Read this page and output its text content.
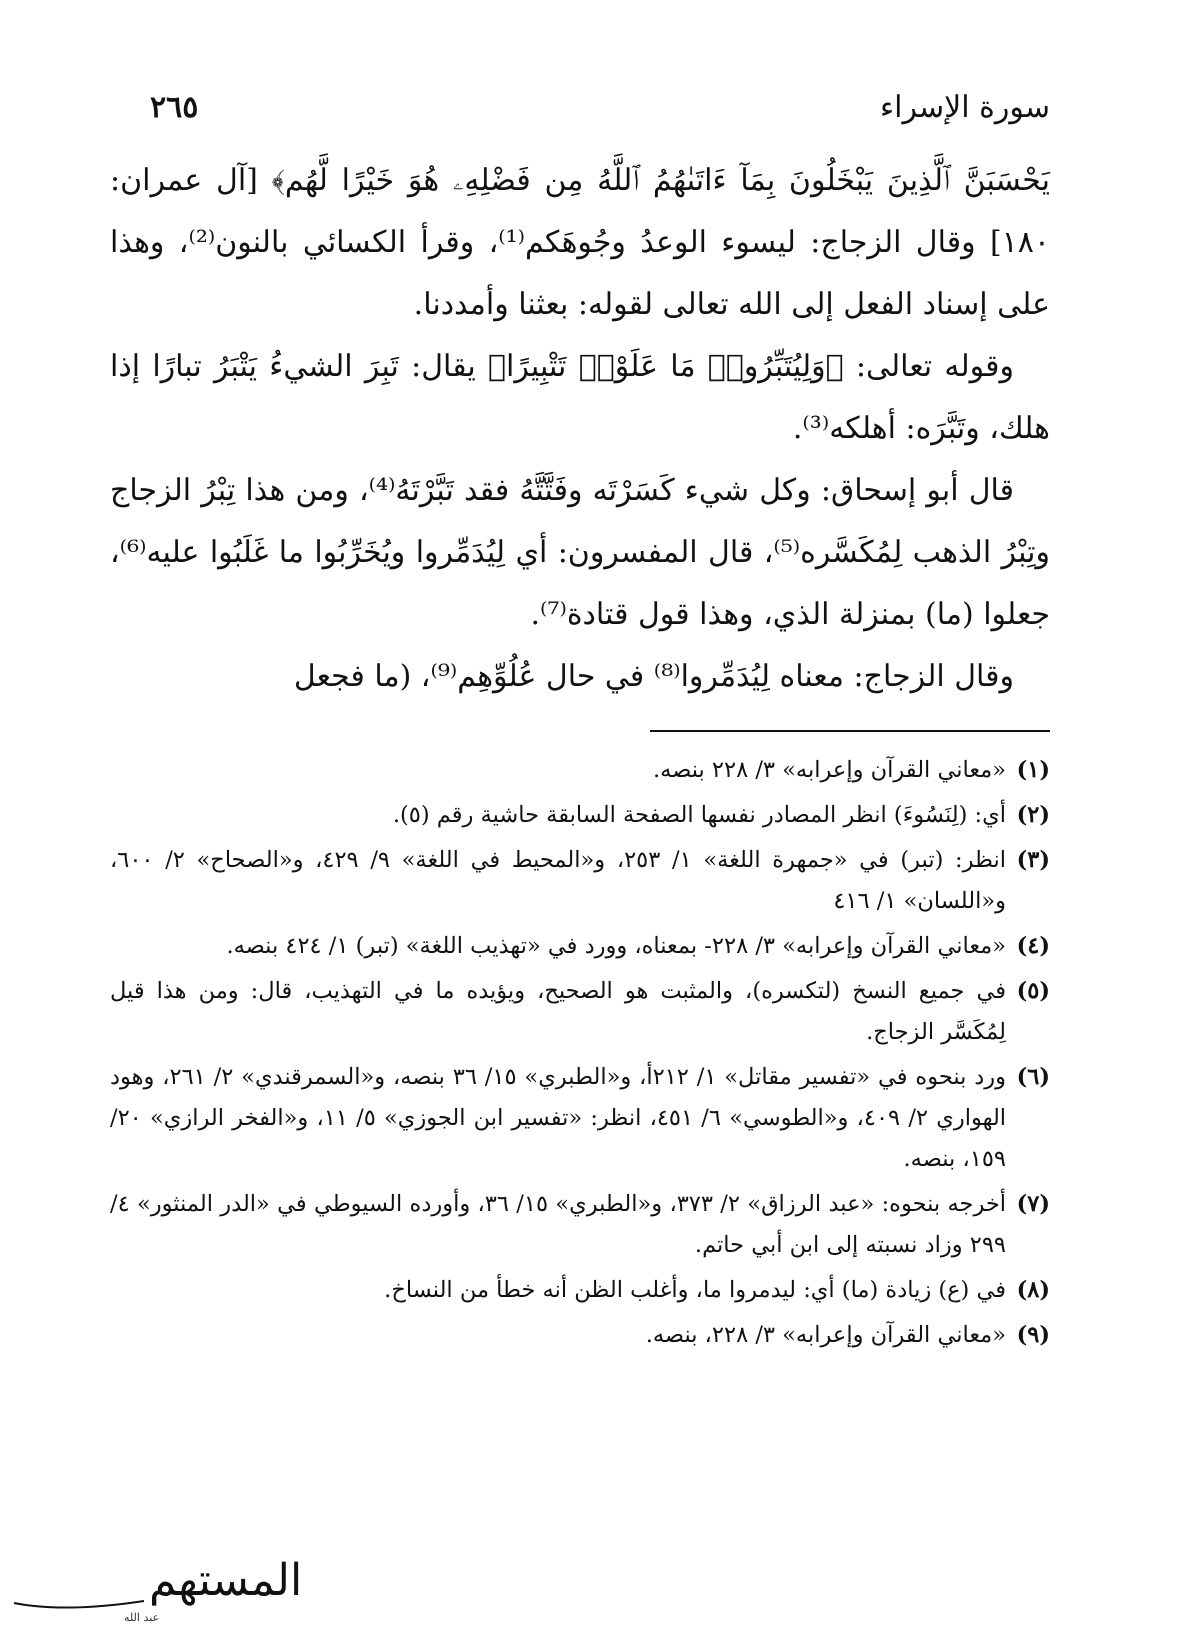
سورة الإسراء
٢٦٥

يَحْسَبَنَّ ٱلَّذِينَ يَبْخَلُونَ بِمَآ ءَاتَىٰهُمُ ٱللَّهُ مِن فَضْلِهِۦ هُوَ خَيْرًا لَّهُم﴾ [آل عمران: ١٨٠] وقال الزجاج: ليسوء الوعدُ وجُوهَكم⁽¹⁾، وقرأ الكسائي بالنون⁽²⁾، وهذا على إسناد الفعل إلى الله تعالى لقوله: بعثنا وأمددنا.

وقوله تعالى: ﴿وَلِيُتَبِّرُوا۟ مَا عَلَوْا۟ تَتْبِيرًا﴾ يقال: تَبِرَ الشيءُ يَتْبَرُ تبارًا إذا هلك، وتَبَّرَه: أهلكه⁽³⁾.

قال أبو إسحاق: وكل شيء كَسَرْتَه وفَتَّتَّهُ فقد تَبَّرْتَهُ⁽⁴⁾، ومن هذا تِبْرُ الزجاج وتِبْرُ الذهب لِمُكَسَّره⁽⁵⁾، قال المفسرون: أي لِيُدَمِّروا ويُخَرِّبُوا ما غَلَبُوا عليه⁽⁶⁾، جعلوا (ما) بمنزلة الذي، وهذا قول قتادة⁽⁷⁾.

وقال الزجاج: معناه لِيُدَمِّروا⁽⁸⁾ في حال عُلُوِّهِم⁽⁹⁾، (ما فجعل

(١)
«معاني القرآن وإعرابه» ٣/ ٢٢٨ بنصه.
(٢)
أي: (لِنَسُوءَ) انظر المصادر نفسها الصفحة السابقة حاشية رقم (٥).
(٣)
انظر: (تبر) في «جمهرة اللغة» ١/ ٢٥٣، و«المحيط في اللغة» ٩/ ٤٢٩، و«الصحاح» ٢/ ٦٠٠، و«اللسان» ١/ ٤١٦
(٤)
«معاني القرآن وإعرابه» ٣/ ٢٢٨- بمعناه، وورد في «تهذيب اللغة» (تبر) ١/ ٤٢٤ بنصه.
(٥)
في جميع النسخ (لتكسره)، والمثبت هو الصحيح، ويؤيده ما في التهذيب، قال: ومن هذا قيل لِمُكَسَّر الزجاج.
(٦)
ورد بنحوه في «تفسير مقاتل» ١/ ٢١٢أ، و«الطبري» ١٥/ ٣٦ بنصه، و«السمرقندي» ٢/ ٢٦١، وهود الهواري ٢/ ٤٠٩، و«الطوسي» ٦/ ٤٥١، انظر: «تفسير ابن الجوزي» ٥/ ١١، و«الفخر الرازي» ٢٠/ ١٥٩، بنصه.
(٧)
أخرجه بنحوه: «عبد الرزاق» ٢/ ٣٧٣، و«الطبري» ١٥/ ٣٦، وأورده السيوطي في «الدر المنثور» ٤/ ٢٩٩ وزاد نسبته إلى ابن أبي حاتم.
(٨)
في (ع) زيادة (ما) أي: ليدمروا ما، وأغلب الظن أنه خطأ من النساخ.
(٩)
«معاني القرآن وإعرابه» ٣/ ٢٢٨، بنصه.
المستهم
عبد الله
